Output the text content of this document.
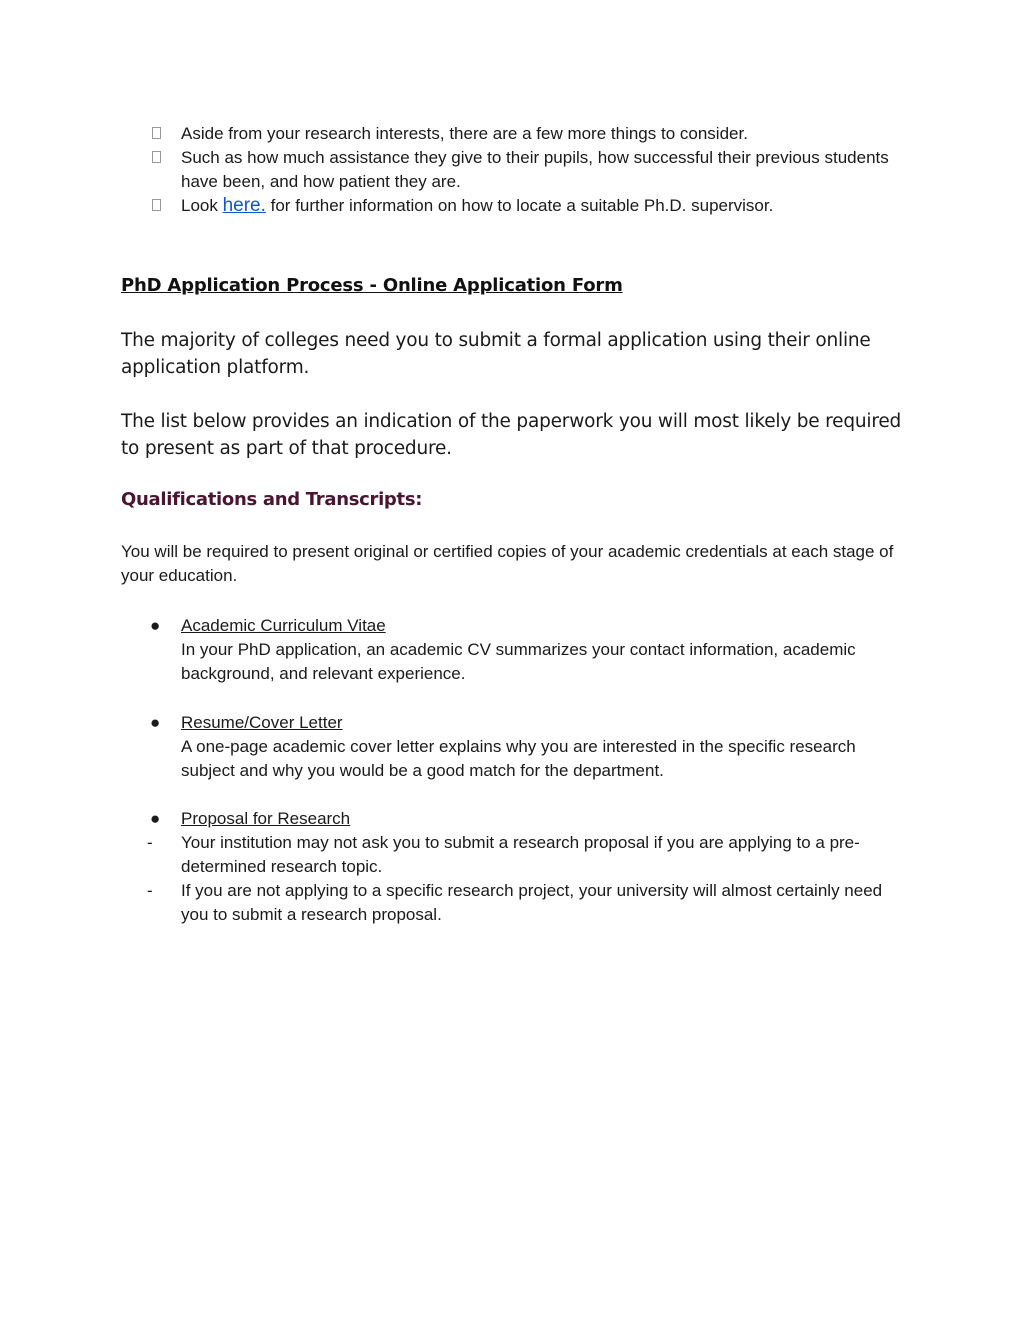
Aside from your research interests, there are a few more things to consider.
Such as how much assistance they give to their pupils, how successful their previous students have been, and how patient they are.
Look here. for further information on how to locate a suitable Ph.D. supervisor.
PhD Application Process - Online Application Form

The majority of colleges need you to submit a formal application using their online application platform.

The list below provides an indication of the paperwork you will most likely be required to present as part of that procedure.

Qualifications and Transcripts:

You will be required to present original or certified copies of your academic credentials at each stage of your education.

● Academic Curriculum Vitae
In your PhD application, an academic CV summarizes your contact information, academic background, and relevant experience.
● Resume/Cover Letter
A one-page academic cover letter explains why you are interested in the specific research subject and why you would be a good match for the department.
● Proposal for Research
- Your institution may not ask you to submit a research proposal if you are applying to a pre-determined research topic.
- If you are not applying to a specific research project, your university will almost certainly need you to submit a research proposal.
